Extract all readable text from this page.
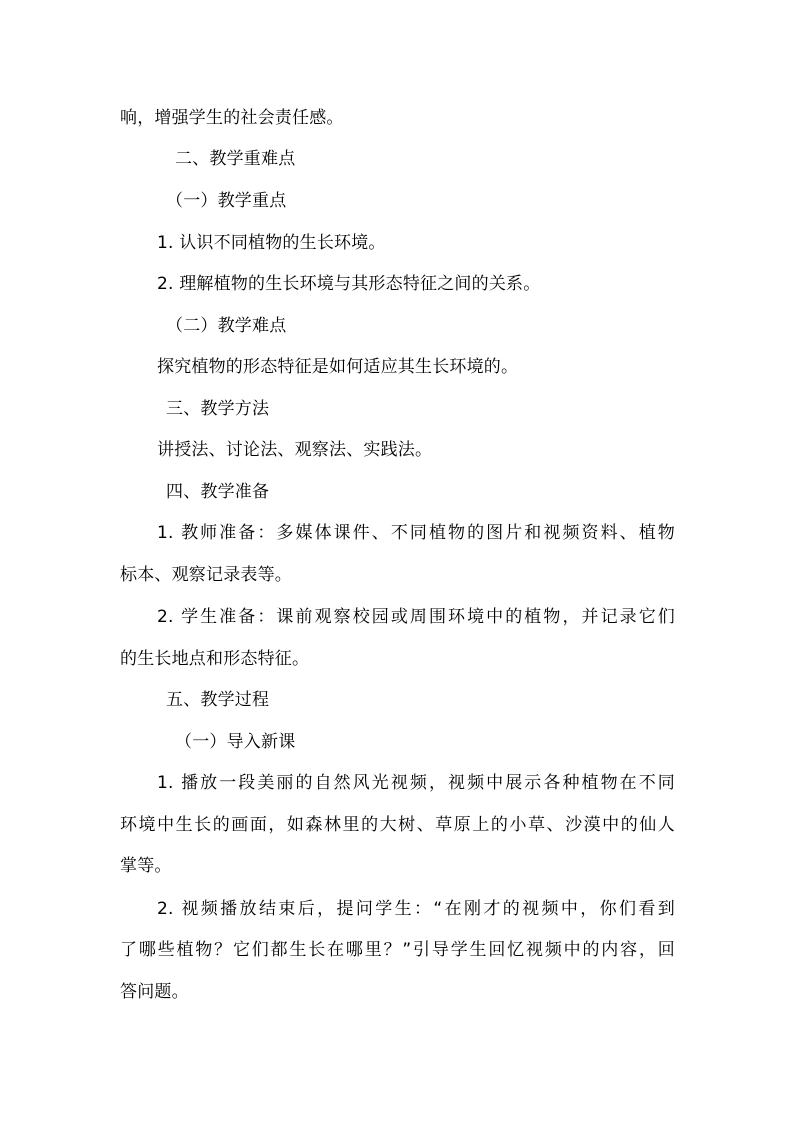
响，增强学生的社会责任感。

二、教学重难点

（一）教学重点

1. 认识不同植物的生长环境。

2. 理解植物的生长环境与其形态特征之间的关系。

（二）教学难点

探究植物的形态特征是如何适应其生长环境的。

三、教学方法

讲授法、讨论法、观察法、实践法。

四、教学准备

1. 教师准备：多媒体课件、不同植物的图片和视频资料、植物

标本、观察记录表等。

2. 学生准备：课前观察校园或周围环境中的植物，并记录它们

的生长地点和形态特征。

五、教学过程

（一）导入新课

1. 播放一段美丽的自然风光视频，视频中展示各种植物在不同

环境中生长的画面，如森林里的大树、草原上的小草、沙漠中的仙人

掌等。

2. 视频播放结束后，提问学生：“在刚才的视频中，你们看到

了哪些植物？它们都生长在哪里？”引导学生回忆视频中的内容，回

答问题。
